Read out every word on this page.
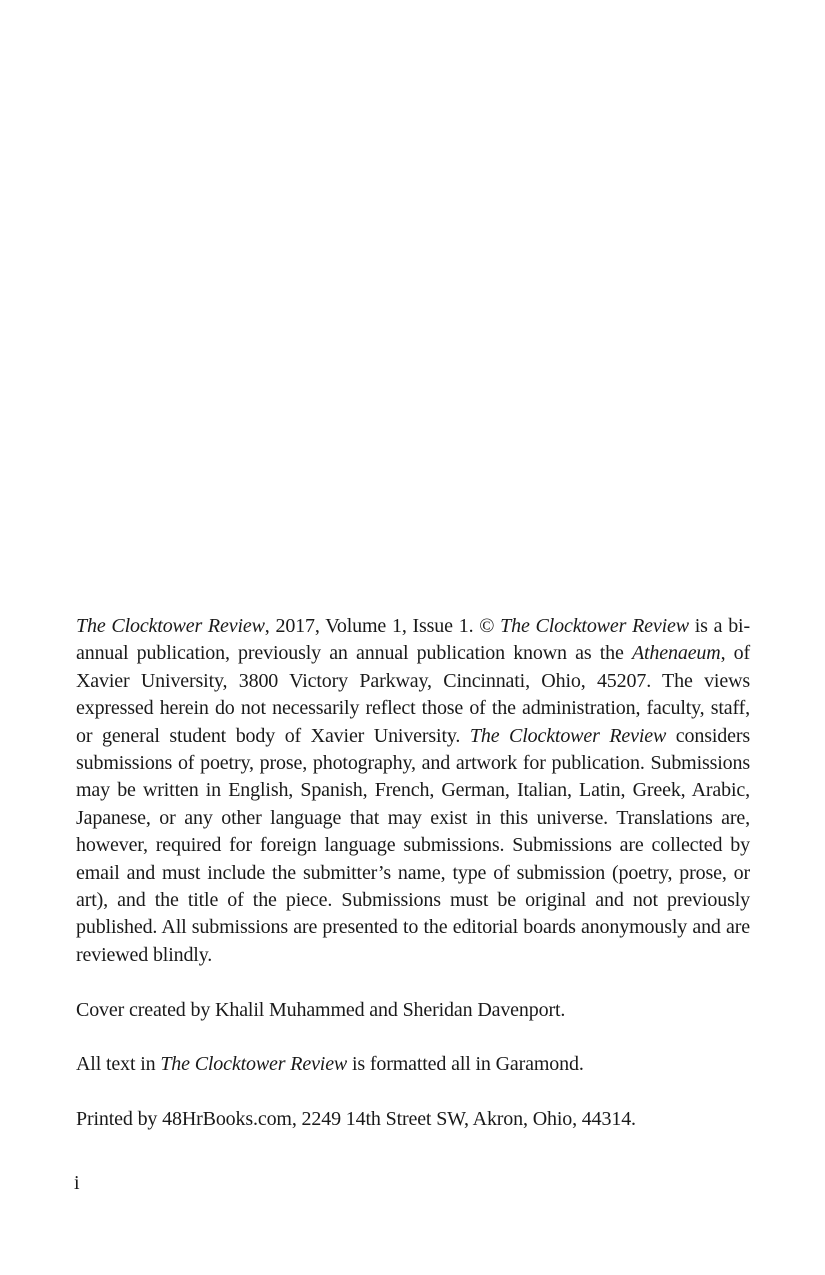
The Clocktower Review, 2017, Volume 1, Issue 1. © The Clocktower Review is a bi-annual publication, previously an annual publication known as the Athenaeum, of Xavier University, 3800 Victory Parkway, Cincinnati, Ohio, 45207. The views expressed herein do not necessarily reflect those of the administration, faculty, staff, or general student body of Xavier University. The Clocktower Review considers submissions of poetry, prose, photography, and artwork for publication. Submissions may be written in English, Spanish, French, German, Italian, Latin, Greek, Arabic, Japanese, or any other language that may exist in this universe. Translations are, however, required for foreign language submissions. Submissions are collected by email and must include the submitter’s name, type of submission (poetry, prose, or art), and the title of the piece. Submissions must be original and not previously published. All submissions are presented to the editorial boards anonymously and are reviewed blindly.

Cover created by Khalil Muhammed and Sheridan Davenport.

All text in The Clocktower Review is formatted all in Garamond.

Printed by 48HrBooks.com, 2249 14th Street SW, Akron, Ohio, 44314.

i
